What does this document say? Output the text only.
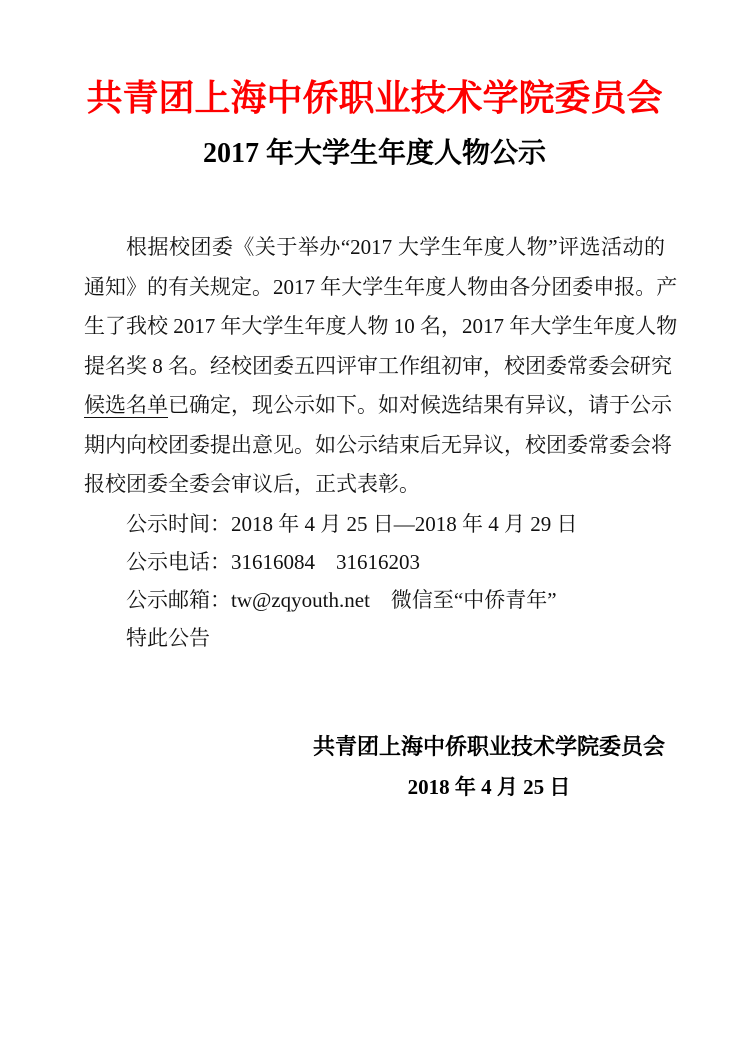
共青团上海中侨职业技术学院委员会
2017 年大学生年度人物公示
根据校团委《关于举办“2017 大学生年度人物”评选活动的
通知》的有关规定。2017 年大学生年度人物由各分团委申报。产
生了我校 2017 年大学生年度人物 10 名，2017 年大学生年度人物
提名奖 8 名。经校团委五四评审工作组初审，校团委常委会研究
候选名单已确定，现公示如下。如对候选结果有异议，请于公示
期内向校团委提出意见。如公示结束后无异议，校团委常委会将
报校团委全委会审议后，正式表彰。
公示时间：2018 年 4 月 25 日—2018 年 4 月 29 日
公示电话：31616084    31616203
公示邮箱：tw@zqyouth.net    微信至“中侨青年”
特此公告
共青团上海中侨职业技术学院委员会
2018 年 4 月 25 日
